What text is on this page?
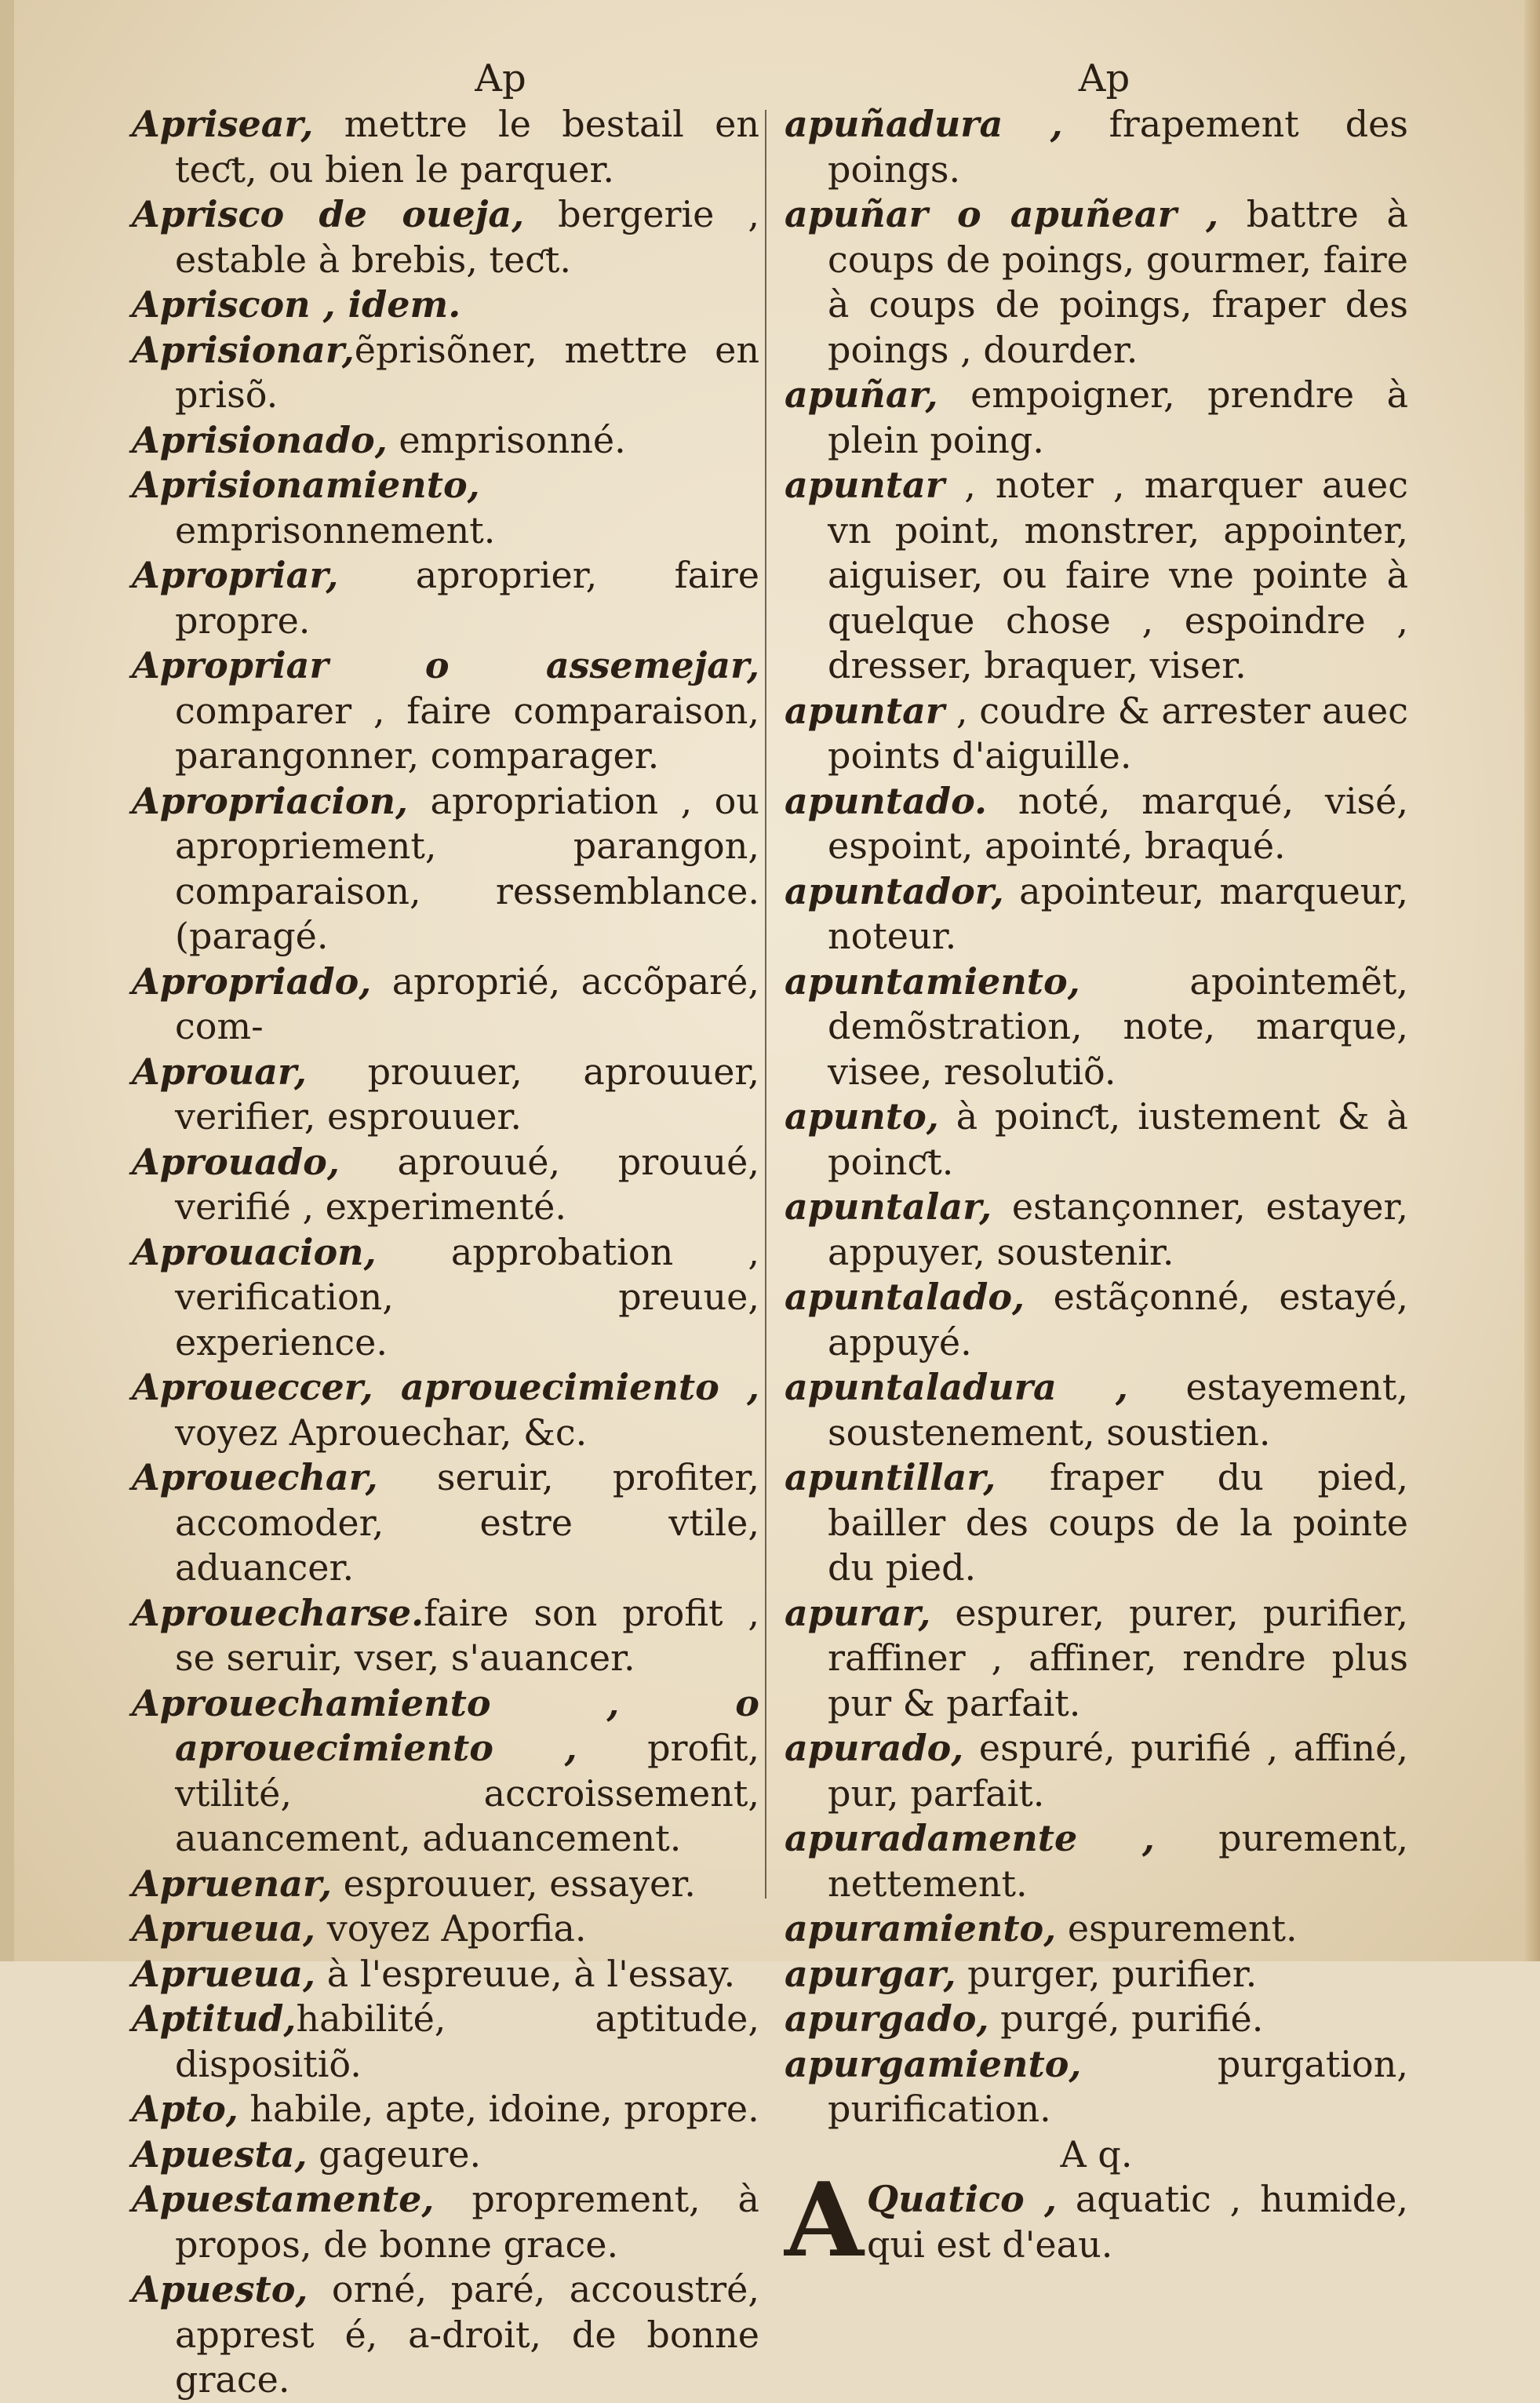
Ap

Aprisear, mettre le bestail en teƈt, ou bien le parquer.

Aprisco de oueja, bergerie , estable à brebis, teƈt.

Apriscon , idem.

Aprisionar,ẽprisõner, mettre en prisõ.

Aprisionado, emprisonné.

Aprisionamiento, emprisonnement.

Apropriar, aproprier, faire propre.

Apropriar o assemejar, comparer , faire comparaison, parangonner, comparager.

Apropriacion, apropriation , ou apropriement, parangon, comparaison, ressemblance. (paragé.

Apropriado, aproprié, accõparé, com-

Aprouar, prouuer, aprouuer, verifier, esprouuer.

Aprouado, aprouué, prouué, verifié , experimenté.

Aprouacion, approbation , verification, preuue, experience.

Aproueccer, aprouecimiento , voyez Aprouechar, &c.

Aprouechar, seruir, profiter, accomoder, estre vtile, aduancer.

Aprouecharse.faire son profit , se seruir, vser, s'auancer.

Aprouechamiento , o aprouecimiento , profit, vtilité, accroissement, auancement, aduancement.

Apruenar, esprouuer, essayer.

Aprueua, voyez Aporfia.

Aprueua, à l'espreuue, à l'essay.

Aptitud,habilité, aptitude, dispositiõ.

Apto, habile, apte, idoine, propre.

Apuesta, gageure.

Apuestamente, proprement, à propos, de bonne grace.

Apuesto, orné, paré, accoustré, apprest é, a-droit, de bonne grace.

Ap

apuñadura , frapement des poings.

apuñar o apuñear , battre à coups de poings, gourmer, faire à coups de poings, fraper des poings , dourder.

apuñar, empoigner, prendre à plein poing.

apuntar , noter , marquer auec vn point, monstrer, appointer, aiguiser, ou faire vne pointe à quelque chose , espoindre , dresser, braquer, viser.

apuntar , coudre & arrester auec points d'aiguille.

apuntado. noté, marqué, visé, espoint, apointé, braqué.

apuntador, apointeur, marqueur, noteur.

apuntamiento, apointemẽt, demõstration, note, marque, visee, resolutiõ.

apunto, à poinƈt, iustement & à poinƈt.

apuntalar, estançonner, estayer, appuyer, soustenir.

apuntalado, estãçonné, estayé, appuyé.

apuntaladura , estayement, soustenement, soustien.

apuntillar, fraper du pied, bailler des coups de la pointe du pied.

apurar, espurer, purer, purifier, raffiner , affiner, rendre plus pur & parfait.

apurado, espuré, purifié , affiné, pur, parfait.

apuradamente , purement, nettement.

apuramiento, espurement.

apurgar, purger, purifier.

apurgado, purgé, purifié.

apurgamiento, purgation, purification.

A q.

A Quatico , aquatic , humide, qui est d'eau.
